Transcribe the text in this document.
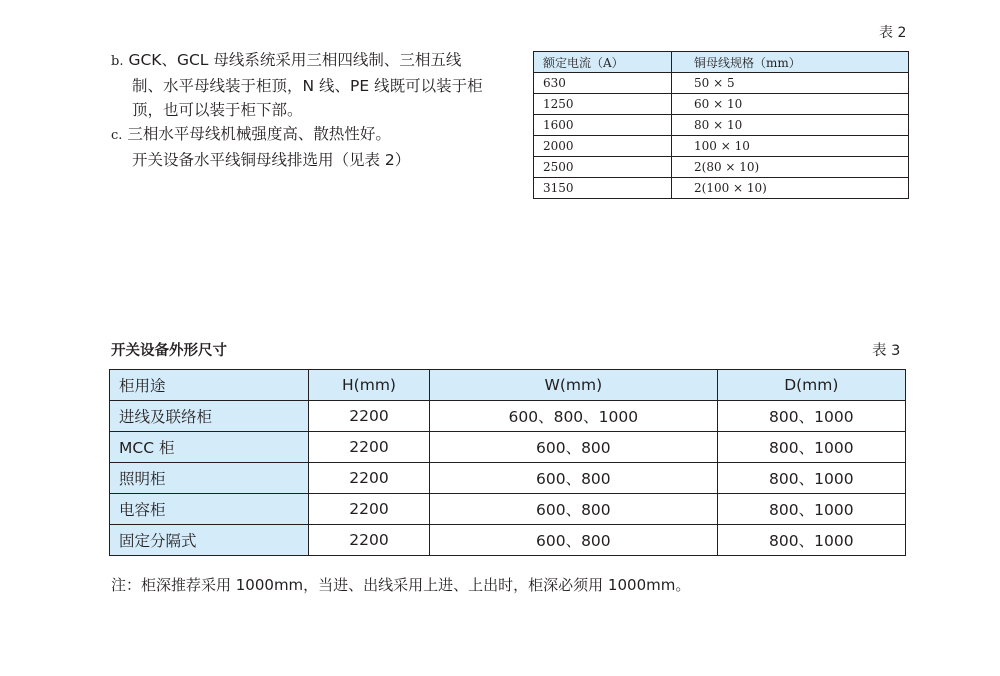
b. GCK、GCL 母线系统采用三相四线制、三相五线
制、水平母线装于柜顶，N 线、PE 线既可以装于柜
顶，也可以装于柜下部。
c. 三相水平母线机械强度高、散热性好。
开关设备水平线铜母线排选用（见表 2）
表 2
额定电流（A）	铜母线规格（mm）
630	50 × 5
1250	60 × 10
1600	80 × 10
2000	100 × 10
2500	2(80 × 10)
3150	2(100 × 10)
开关设备外形尺寸	表 3
柜用途	H(mm)	W(mm)	D(mm)
进线及联络柜	2200	600、800、1000	800、1000
MCC 柜	2200	600、800	800、1000
照明柜	2200	600、800	800、1000
电容柜	2200	600、800	800、1000
固定分隔式	2200	600、800	800、1000
注：柜深推荐采用 1000mm，当进、出线采用上进、上出时，柜深必须用 1000mm。
